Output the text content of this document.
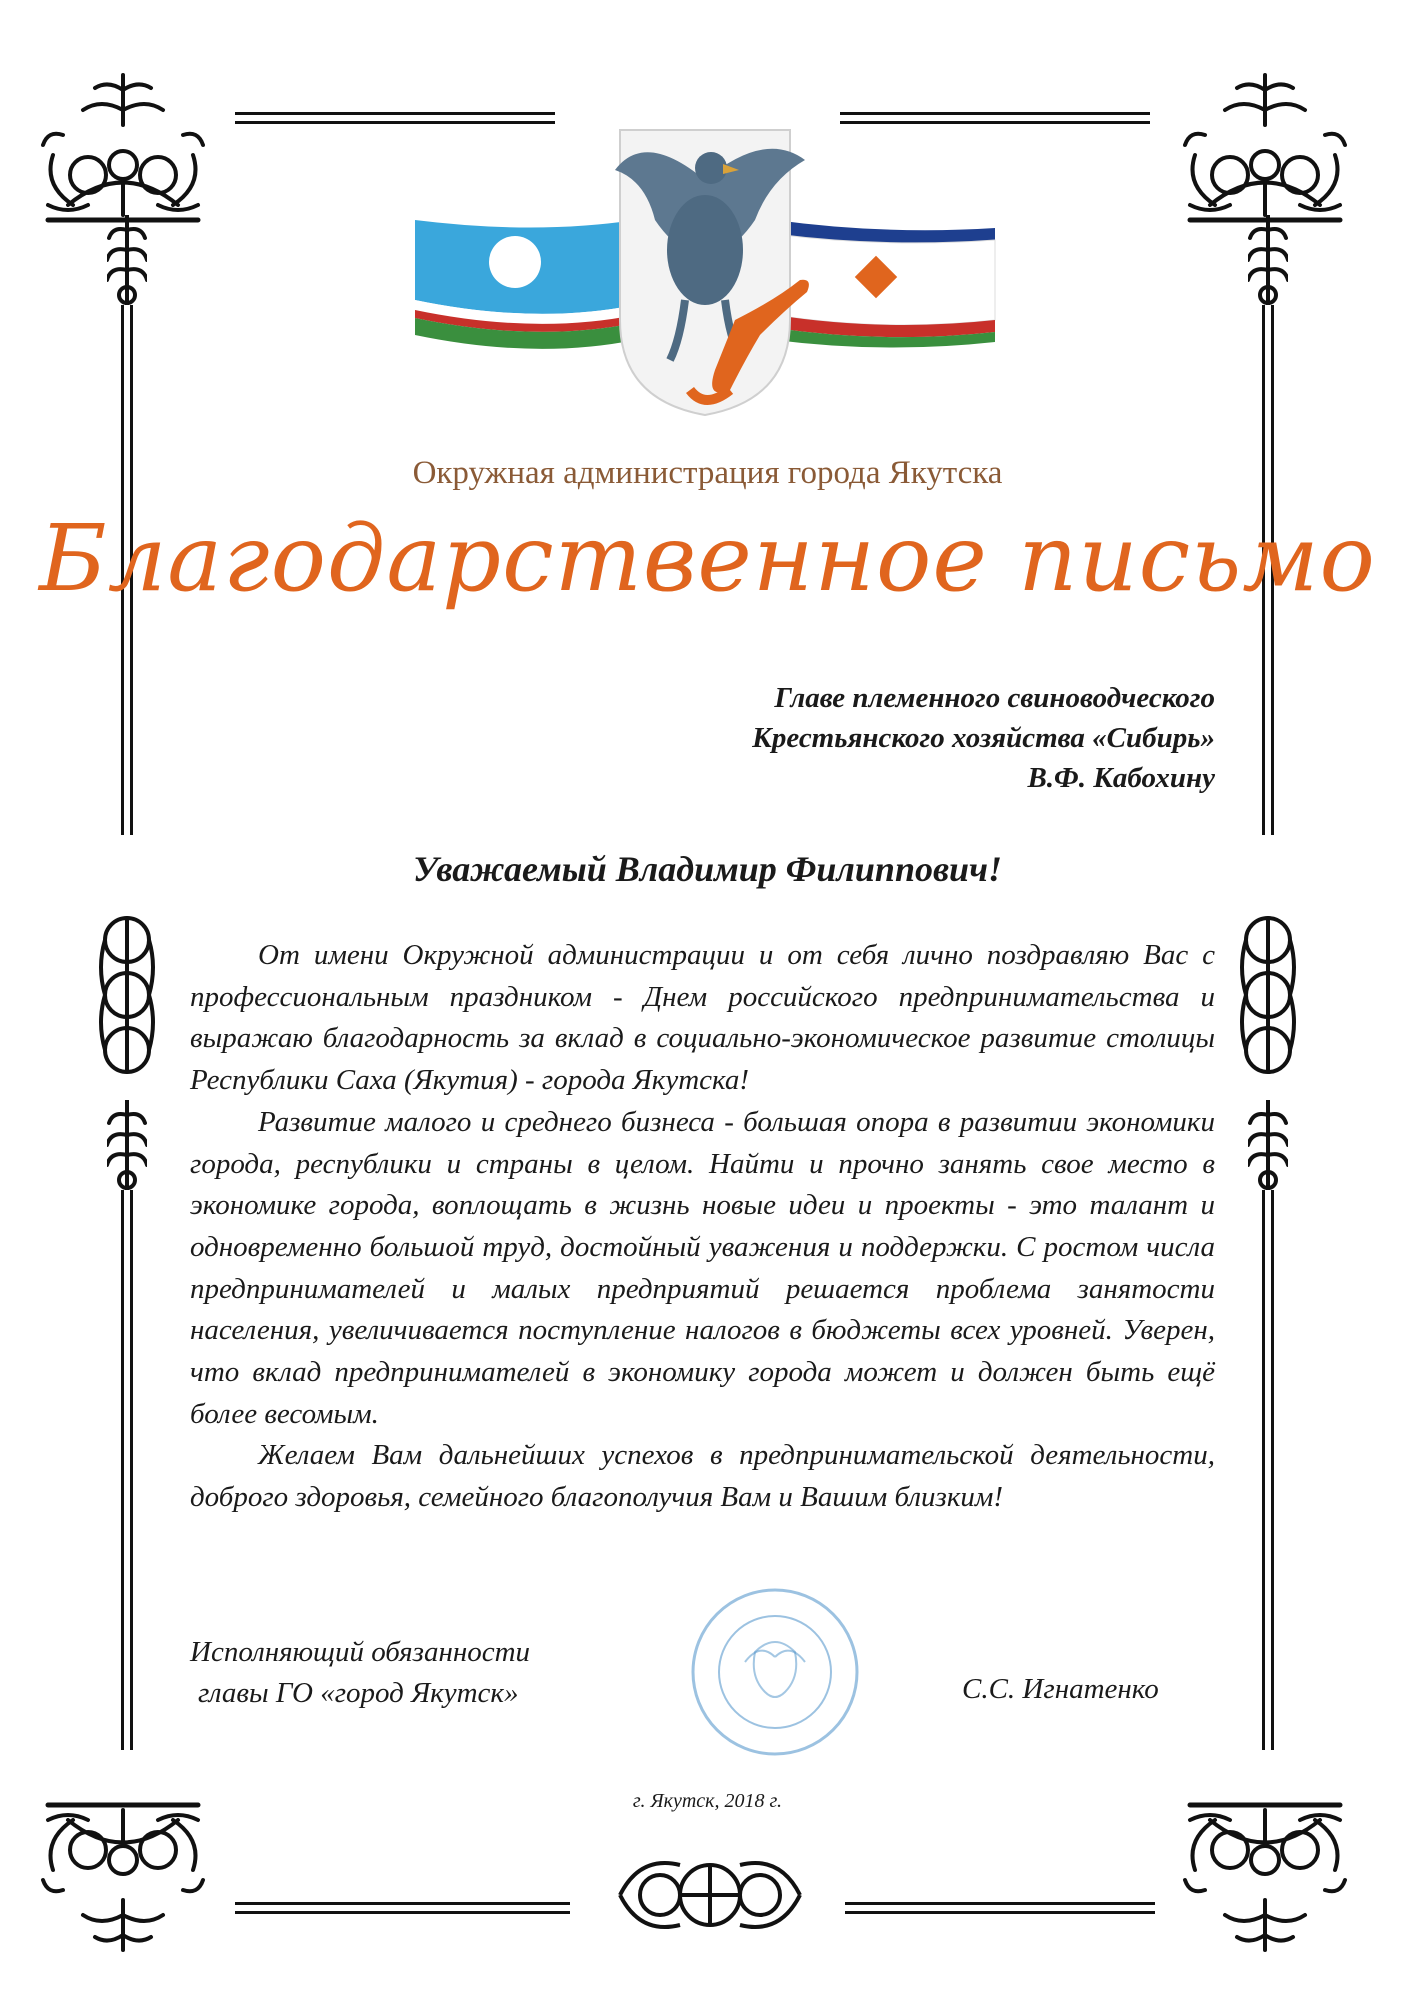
Окружная администрация города Якутска
Благодарственное письмо
Главе племенного свиноводческого
Крестьянского хозяйства «Сибирь»
В.Ф. Кабохину
Уважаемый Владимир Филиппович!

От имени Окружной администрации и от себя лично поздравляю Вас с профессиональным праздником - Днем российского предпринимательства и выражаю благодарность за вклад в социально-экономическое развитие столицы Республики Саха (Якутия) - города Якутска!

Развитие малого и среднего бизнеса - большая опора в развитии экономики города, республики и страны в целом. Найти и прочно занять свое место в экономике города, воплощать в жизнь новые идеи и проекты - это талант и одновременно большой труд, достойный уважения и поддержки. С ростом числа предпринимателей и малых предприятий решается проблема занятости населения, увеличивается поступление налогов в бюджеты всех уровней. Уверен, что вклад предпринимателей в экономику города может и должен быть ещё более весомым.

Желаем Вам дальнейших успехов в предпринимательской деятельности, доброго здоровья, семейного благополучия Вам и Вашим близким!

Исполняющий обязанности
главы ГО «город Якутск»	С.С. Игнатенко
г. Якутск, 2018 г.
